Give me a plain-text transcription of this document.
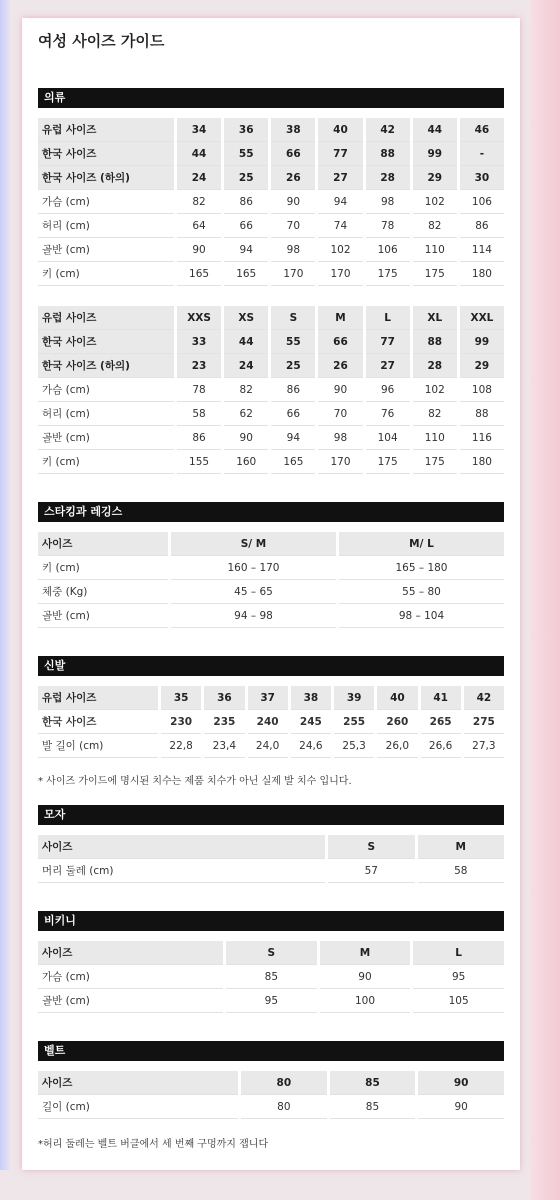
여성 사이즈 가이드
의류
유럽 사이즈	34	36	38	40	42	44	46
한국 사이즈	44	55	66	77	88	99	-
한국 사이즈 (하의)	24	25	26	27	28	29	30
가슴 (cm)	82	86	90	94	98	102	106
허리 (cm)	64	66	70	74	78	82	86
골반 (cm)	90	94	98	102	106	110	114
키 (cm)	165	165	170	170	175	175	180
유럽 사이즈	XXS	XS	S	M	L	XL	XXL
한국 사이즈	33	44	55	66	77	88	99
한국 사이즈 (하의)	23	24	25	26	27	28	29
가슴 (cm)	78	82	86	90	96	102	108
허리 (cm)	58	62	66	70	76	82	88
골반 (cm)	86	90	94	98	104	110	116
키 (cm)	155	160	165	170	175	175	180
스타킹과 레깅스
사이즈	S/ M	M/ L
키 (cm)	160 – 170	165 – 180
체중 (Kg)	45 – 65	55 – 80
골반 (cm)	94 – 98	98 – 104
신발
유럽 사이즈	35	36	37	38	39	40	41	42
한국 사이즈	230	235	240	245	255	260	265	275
발 길이 (cm)	22,8	23,4	24,0	24,6	25,3	26,0	26,6	27,3
* 사이즈 가이드에 명시된 치수는 제품 치수가 아닌 실제 발 치수 입니다.
모자
사이즈	S	M
머리 둘레 (cm)	57	58
비키니
사이즈	S	M	L
가슴 (cm)	85	90	95
골반 (cm)	95	100	105
벨트
사이즈	80	85	90
길이 (cm)	80	85	90
*허리 둘레는 벨트 버클에서 세 번째 구멍까지 잽니다
